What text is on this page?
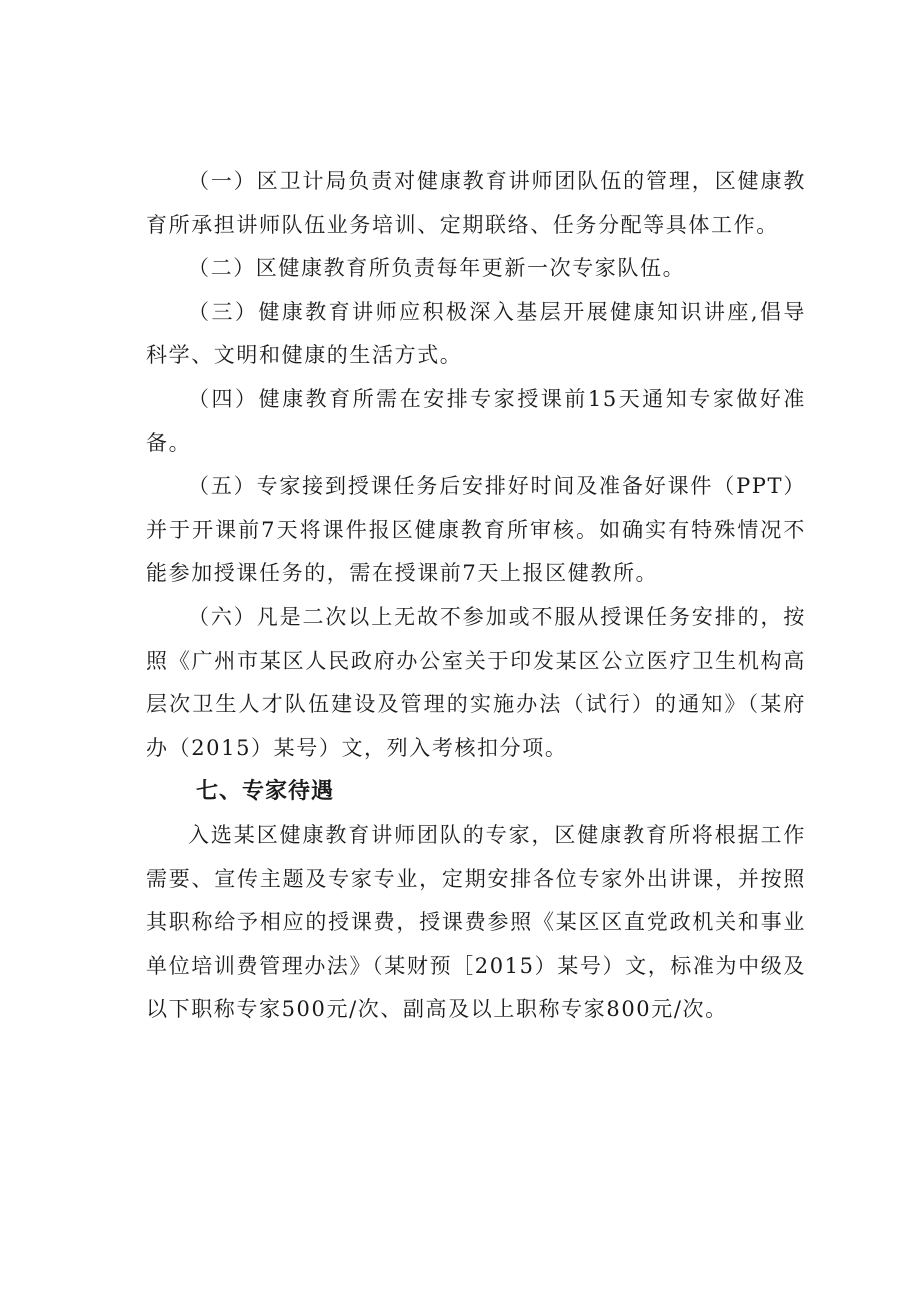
（一）区卫计局负责对健康教育讲师团队伍的管理，区健康教育所承担讲师队伍业务培训、定期联络、任务分配等具体工作。

（二）区健康教育所负责每年更新一次专家队伍。

（三）健康教育讲师应积极深入基层开展健康知识讲座,倡导科学、文明和健康的生活方式。

（四）健康教育所需在安排专家授课前15天通知专家做好准备。

（五）专家接到授课任务后安排好时间及准备好课件（PPT）并于开课前7天将课件报区健康教育所审核。如确实有特殊情况不能参加授课任务的，需在授课前7天上报区健教所。

（六）凡是二次以上无故不参加或不服从授课任务安排的，按照《广州市某区人民政府办公室关于印发某区公立医疗卫生机构高层次卫生人才队伍建设及管理的实施办法（试行）的通知》（某府办（2015）某号）文，列入考核扣分项。

七、专家待遇

入选某区健康教育讲师团队的专家，区健康教育所将根据工作需要、宣传主题及专家专业，定期安排各位专家外出讲课，并按照其职称给予相应的授课费，授课费参照《某区区直党政机关和事业单位培训费管理办法》（某财预［2015）某号）文，标准为中级及以下职称专家500元/次、副高及以上职称专家800元/次。
